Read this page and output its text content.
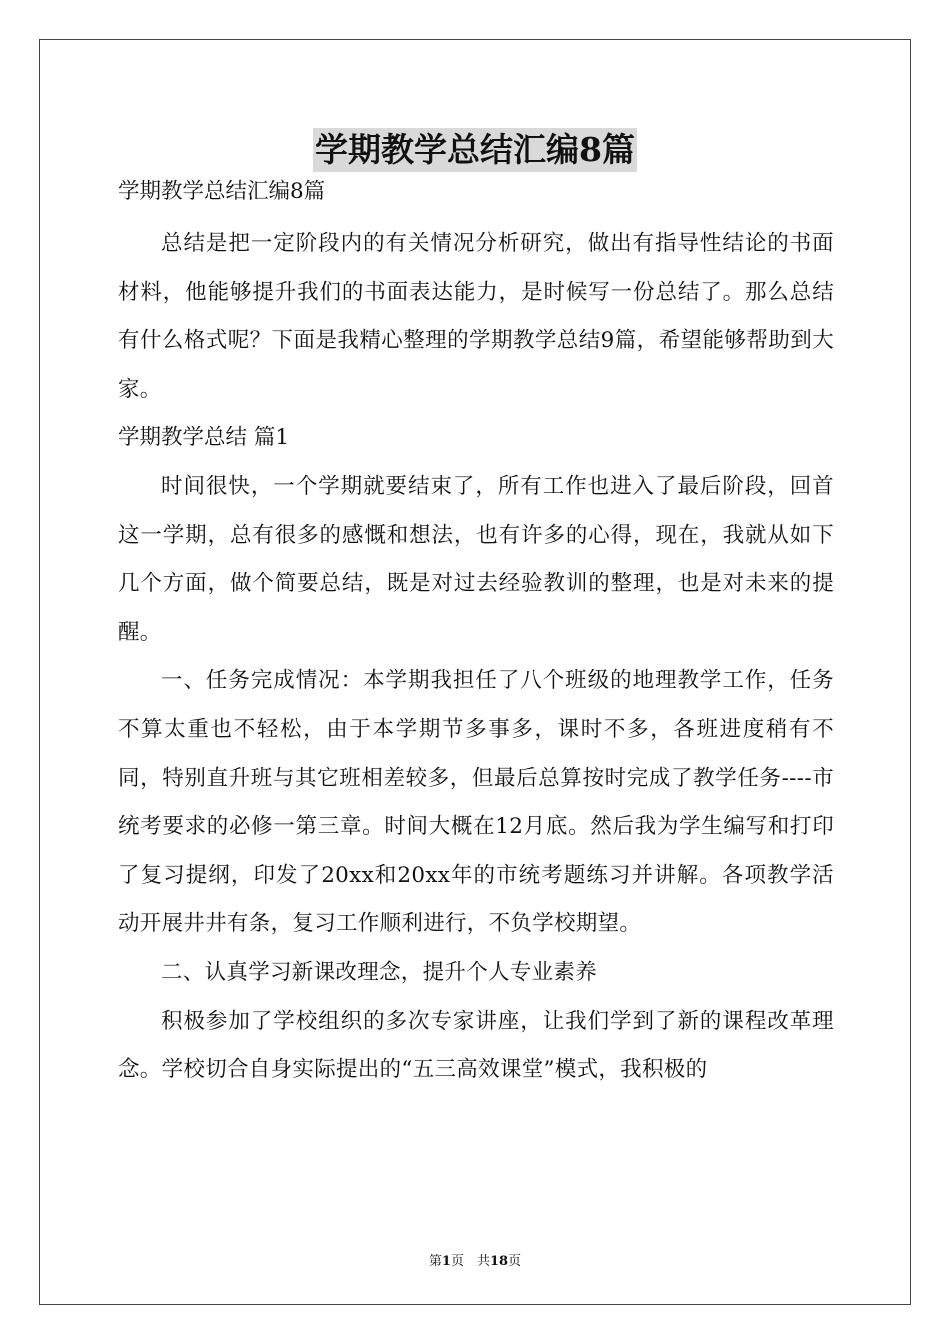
学期教学总结汇编8篇

学期教学总结汇编8篇

总结是把一定阶段内的有关情况分析研究，做出有指导性结论的书面材料，他能够提升我们的书面表达能力，是时候写一份总结了。那么总结有什么格式呢？下面是我精心整理的学期教学总结9篇，希望能够帮助到大家。

学期教学总结 篇1

时间很快，一个学期就要结束了，所有工作也进入了最后阶段，回首这一学期，总有很多的感慨和想法，也有许多的心得，现在，我就从如下几个方面，做个简要总结，既是对过去经验教训的整理，也是对未来的提醒。

一、任务完成情况：本学期我担任了八个班级的地理教学工作，任务不算太重也不轻松，由于本学期节多事多，课时不多，各班进度稍有不同，特别直升班与其它班相差较多，但最后总算按时完成了教学任务----市统考要求的必修一第三章。时间大概在12月底。然后我为学生编写和打印了复习提纲，印发了20xx和20xx年的市统考题练习并讲解。各项教学活动开展井井有条，复习工作顺利进行，不负学校期望。

二、认真学习新课改理念，提升个人专业素养

积极参加了学校组织的多次专家讲座，让我们学到了新的课程改革理念。学校切合自身实际提出的“五三高效课堂”模式，我积极的

第1页　共18页
